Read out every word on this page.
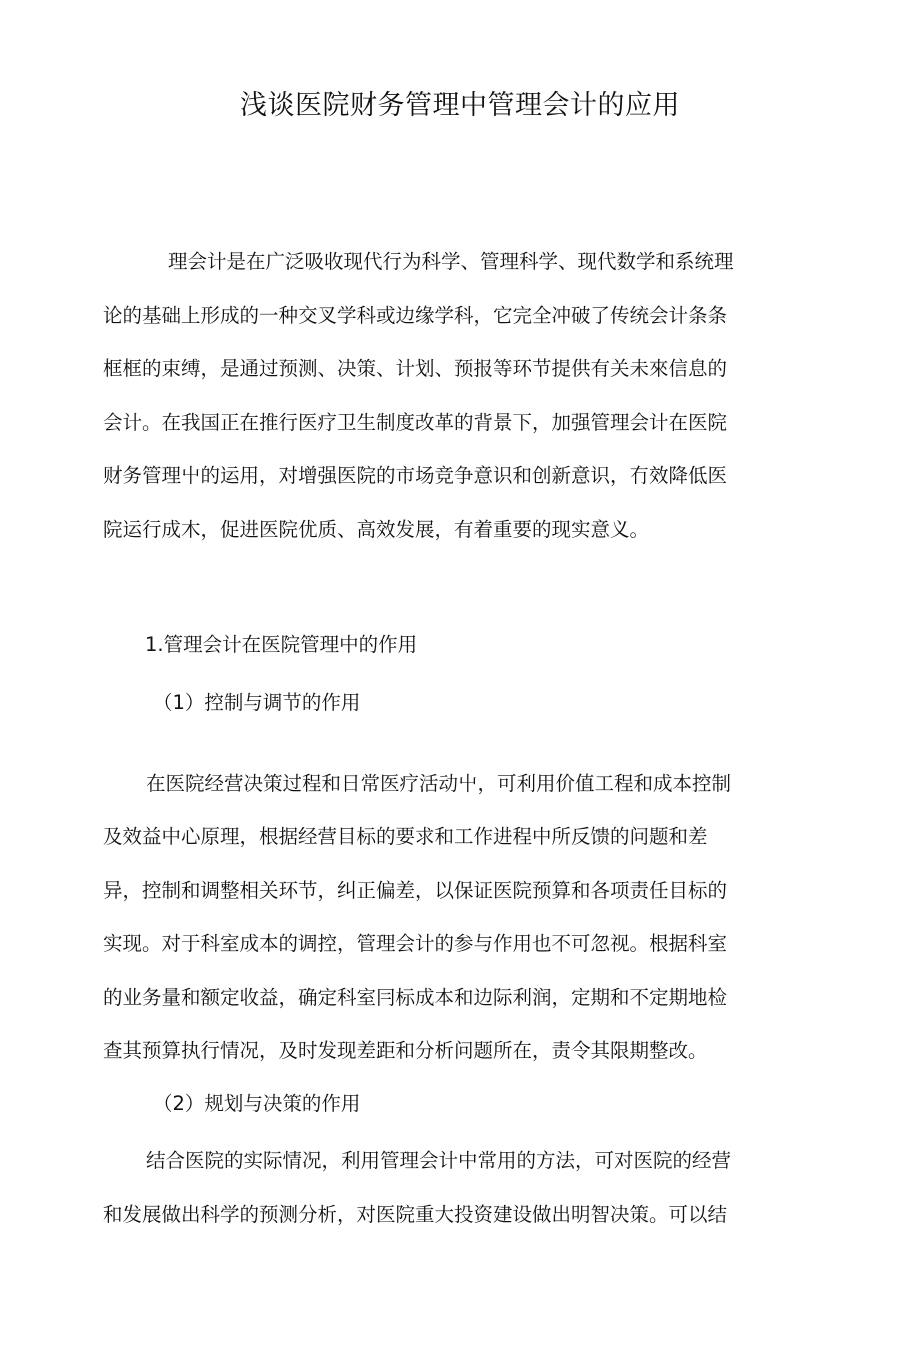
浅谈医院财务管理中管理会计的应用
理会计是在广泛吸收现代行为科学、管理科学、现代数学和系统理
论的基础上形成的一种交叉学科或边缘学科，它完全冲破了传统会计条条
框框的束缚，是通过预测、决策、计划、预报等环节提供有关未來信息的
会计。在我国正在推行医疗卫生制度改革的背景下，加强管理会计在医院
财务管理屮的运用，对增强医院的市场竞争意识和创新意识，冇效降低医
院运行成木，促进医院优质、高效发展，有着重要的现实意义。
1.管理会计在医院管理中的作用
（1）控制与调节的作用
在医院经营决策过程和日常医疗活动屮，可利用价值工程和成本控制
及效益中心原理，根据经营目标的要求和工作进程中所反馈的问题和差
异，控制和调整相关环节，纠正偏差，以保证医院预算和各项责任目标的
实现。对于科室成本的调控，管理会计的参与作用也不可忽视。根据科室
的业务量和额定收益，确定科室冃标成本和边际利润，定期和不定期地检
查其预算执行情况，及时发现差距和分析问题所在，责令其限期整改。
（2）规划与决策的作用
结合医院的实际情况，利用管理会计中常用的方法，可对医院的经营
和发展做出科学的预测分析，对医院重大投资建设做出明智决策。可以结
